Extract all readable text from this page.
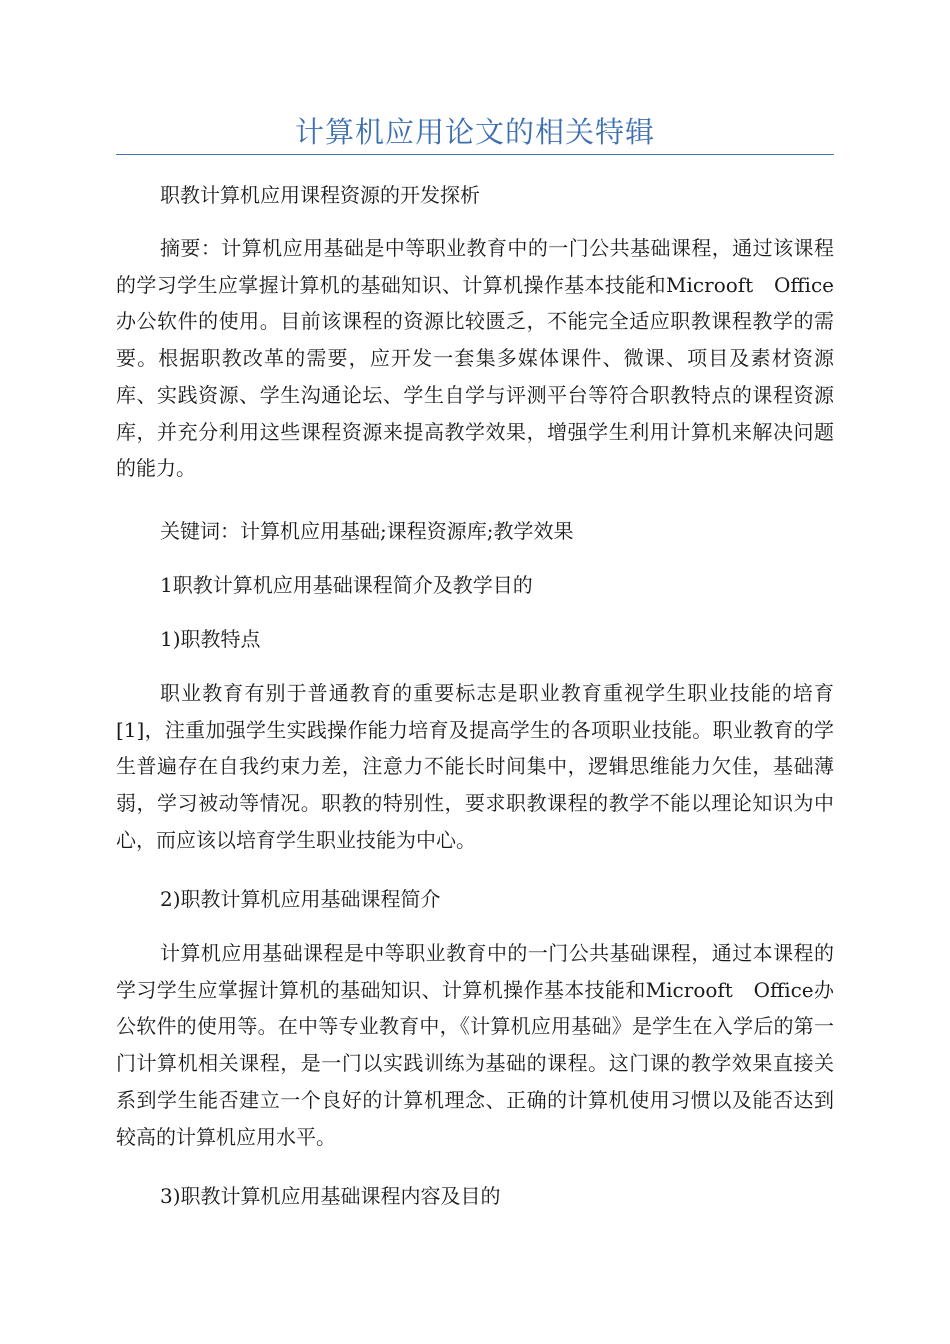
计算机应用论文的相关特辑

职教计算机应用课程资源的开发探析

摘要：计算机应用基础是中等职业教育中的一门公共基础课程，通过该课程的学习学生应掌握计算机的基础知识、计算机操作基本技能和Microoft　Office办公软件的使用。目前该课程的资源比较匮乏，不能完全适应职教课程教学的需要。根据职教改革的需要，应开发一套集多媒体课件、微课、项目及素材资源库、实践资源、学生沟通论坛、学生自学与评测平台等符合职教特点的课程资源库，并充分利用这些课程资源来提高教学效果，增强学生利用计算机来解决问题的能力。

关键词：计算机应用基础;课程资源库;教学效果

1职教计算机应用基础课程简介及教学目的

1)职教特点

职业教育有别于普通教育的重要标志是职业教育重视学生职业技能的培育[1]，注重加强学生实践操作能力培育及提高学生的各项职业技能。职业教育的学生普遍存在自我约束力差，注意力不能长时间集中，逻辑思维能力欠佳，基础薄弱，学习被动等情况。职教的特别性，要求职教课程的教学不能以理论知识为中心，而应该以培育学生职业技能为中心。

2)职教计算机应用基础课程简介

计算机应用基础课程是中等职业教育中的一门公共基础课程，通过本课程的学习学生应掌握计算机的基础知识、计算机操作基本技能和Microoft　Office办公软件的使用等。在中等专业教育中，《计算机应用基础》是学生在入学后的第一门计算机相关课程，是一门以实践训练为基础的课程。这门课的教学效果直接关系到学生能否建立一个良好的计算机理念、正确的计算机使用习惯以及能否达到较高的计算机应用水平。

3)职教计算机应用基础课程内容及目的
